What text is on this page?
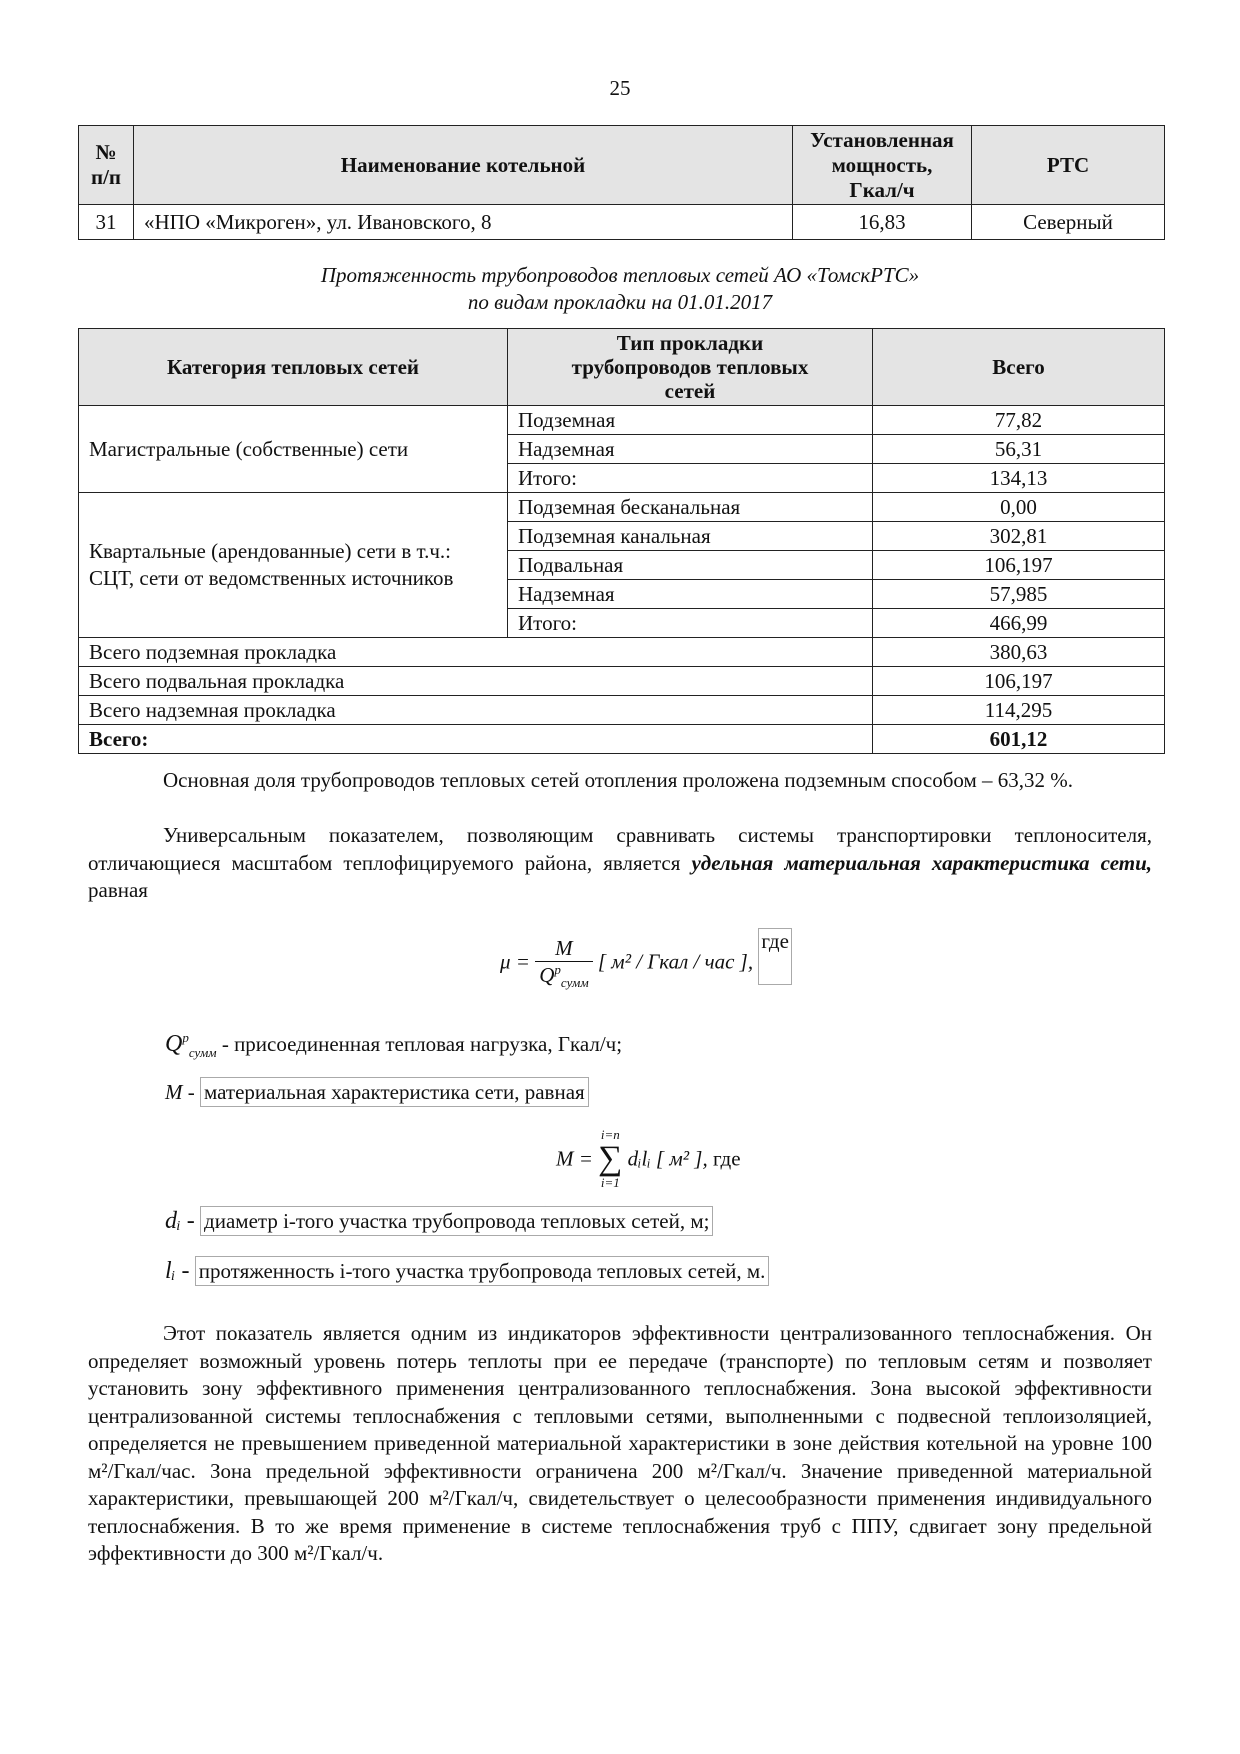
25
№ п/п	Наименование котельной	Установленная мощность, Гкал/ч	РТС
31	«НПО «Микроген», ул. Ивановского, 8	16,83	Северный
Протяженность трубопроводов тепловых сетей АО «ТомскРТС»
по видам прокладки на 01.01.2017
Категория тепловых сетей	Тип прокладки трубопроводов тепловых сетей	Всего
Магистральные (собственные) сети	Подземная	77,82
	Надземная	56,31
	Итого:	134,13
Квартальные (арендованные) сети в т.ч.: СЦТ, сети от ведомственных источников	Подземная бесканальная	0,00
	Подземная канальная	302,81
	Подвальная	106,197
	Надземная	57,985
	Итого:	466,99
Всего подземная прокладка		380,63
Всего подвальная прокладка		106,197
Всего надземная прокладка		114,295
Всего:		601,12

Основная доля трубопроводов тепловых сетей отопления проложена подземным способом – 63,32 %.

Универсальным показателем, позволяющим сравнивать системы транспортировки теплоносителя, отличающиеся масштабом теплофицируемого района, является удельная материальная характеристика сети, равная

$\mu = \frac{M}{Q^p_{сумм}}$ [ м² / Гкал / час ], где
$Q^p_{сумм}$ - присоединенная тепловая нагрузка, Гкал/ч;
M - материальная характеристика сети, равная
M =
i=n
∑
i=1
dᵢlᵢ [ м² ], где
dᵢ - диаметр i-того участка трубопровода тепловых сетей, м;
lᵢ - протяженность i-того участка трубопровода тепловых сетей, м.

Этот показатель является одним из индикаторов эффективности централизованного теплоснабжения. Он определяет возможный уровень потерь теплоты при ее передаче (транспорте) по тепловым сетям и позволяет установить зону эффективного применения централизованного теплоснабжения. Зона высокой эффективности централизованной системы теплоснабжения с тепловыми сетями, выполненными с подвесной теплоизоляцией, определяется не превышением приведенной материальной характеристики в зоне действия котельной на уровне 100 м²/Гкал/час. Зона предельной эффективности ограничена 200 м²/Гкал/ч. Значение приведенной материальной характеристики, превышающей 200 м²/Гкал/ч, свидетельствует о целесообразности применения индивидуального теплоснабжения. В то же время применение в системе теплоснабжения труб с ППУ, сдвигает зону предельной эффективности до 300 м²/Гкал/ч.
